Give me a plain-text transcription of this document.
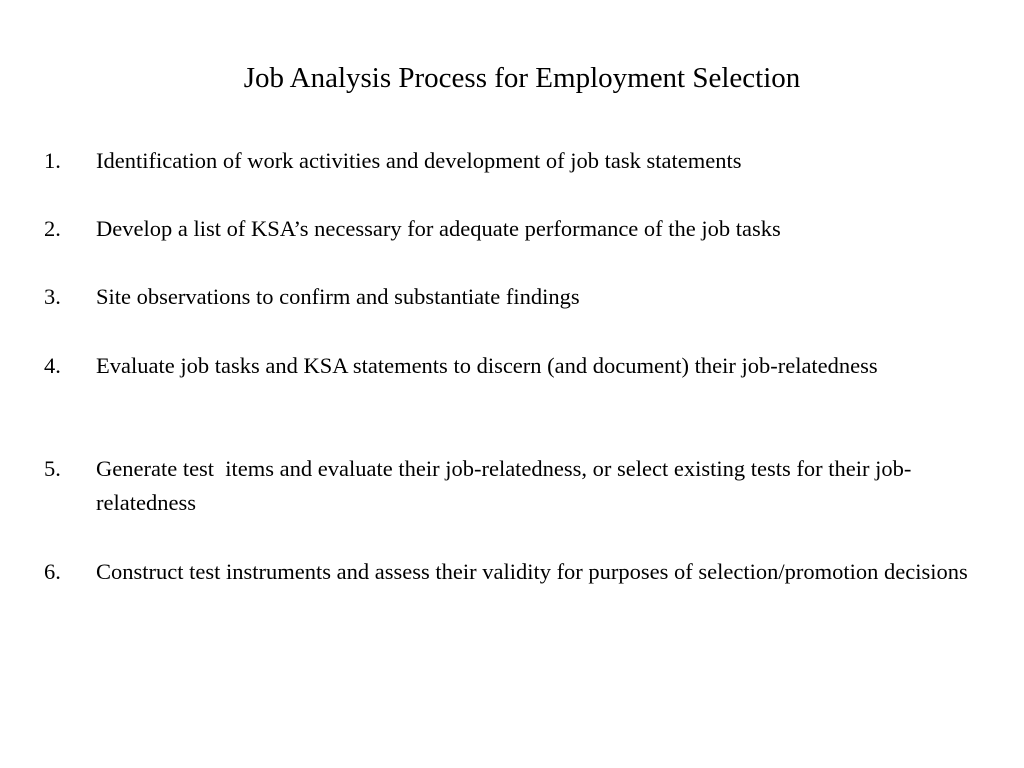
Job Analysis Process for Employment Selection
1. Identification of work activities and development of job task statements
2. Develop a list of KSA’s necessary for adequate performance of the job tasks
3. Site observations to confirm and substantiate findings
4. Evaluate job tasks and KSA statements to discern (and document) their job-relatedness
5. Generate test  items and evaluate their job-relatedness, or select existing tests for their job-relatedness
6. Construct test instruments and assess their validity for purposes of selection/promotion decisions
